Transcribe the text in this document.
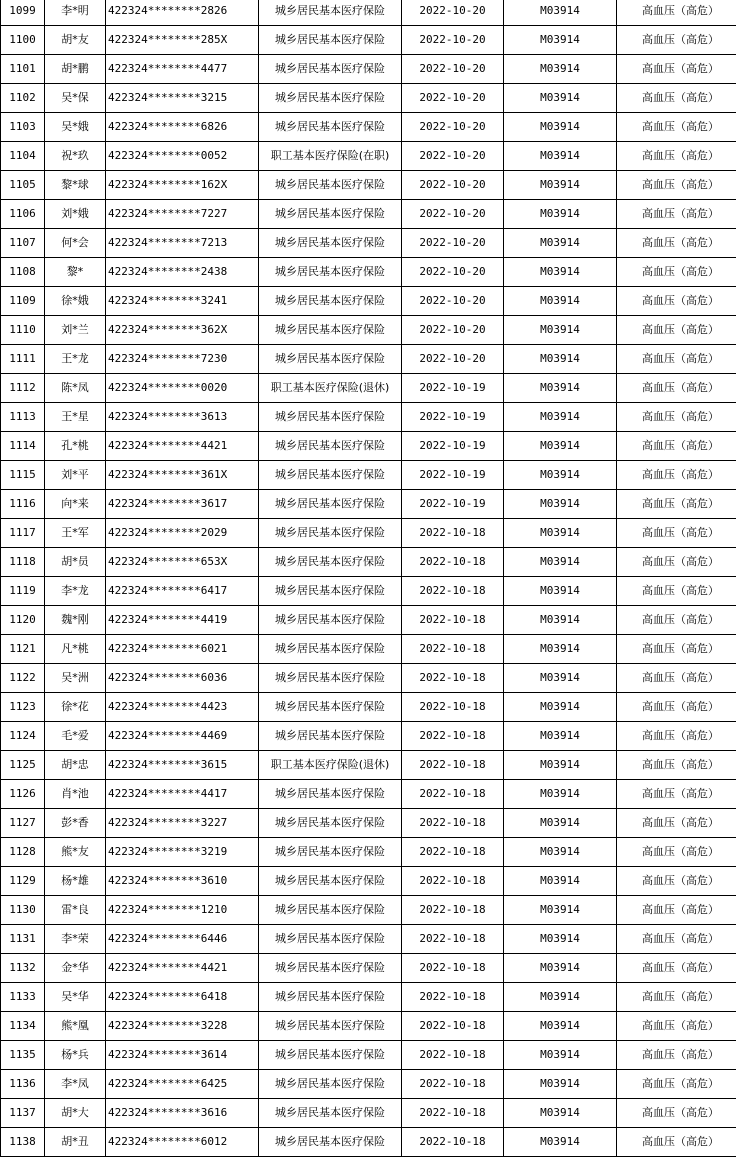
1099	李*明	422324********2826	城乡居民基本医疗保险	2022-10-20	M03914	高血压（高危）
1100	胡*友	422324********285X	城乡居民基本医疗保险	2022-10-20	M03914	高血压（高危）
1101	胡*鹏	422324********4477	城乡居民基本医疗保险	2022-10-20	M03914	高血压（高危）
1102	吴*保	422324********3215	城乡居民基本医疗保险	2022-10-20	M03914	高血压（高危）
1103	吴*娥	422324********6826	城乡居民基本医疗保险	2022-10-20	M03914	高血压（高危）
1104	祝*玖	422324********0052	职工基本医疗保险(在职)	2022-10-20	M03914	高血压（高危）
1105	黎*球	422324********162X	城乡居民基本医疗保险	2022-10-20	M03914	高血压（高危）
1106	刘*娥	422324********7227	城乡居民基本医疗保险	2022-10-20	M03914	高血压（高危）
1107	何*会	422324********7213	城乡居民基本医疗保险	2022-10-20	M03914	高血压（高危）
1108	黎*	422324********2438	城乡居民基本医疗保险	2022-10-20	M03914	高血压（高危）
1109	徐*娥	422324********3241	城乡居民基本医疗保险	2022-10-20	M03914	高血压（高危）
1110	刘*兰	422324********362X	城乡居民基本医疗保险	2022-10-20	M03914	高血压（高危）
1111	王*龙	422324********7230	城乡居民基本医疗保险	2022-10-20	M03914	高血压（高危）
1112	陈*凤	422324********0020	职工基本医疗保险(退休)	2022-10-19	M03914	高血压（高危）
1113	王*星	422324********3613	城乡居民基本医疗保险	2022-10-19	M03914	高血压（高危）
1114	孔*桃	422324********4421	城乡居民基本医疗保险	2022-10-19	M03914	高血压（高危）
1115	刘*平	422324********361X	城乡居民基本医疗保险	2022-10-19	M03914	高血压（高危）
1116	向*来	422324********3617	城乡居民基本医疗保险	2022-10-19	M03914	高血压（高危）
1117	王*军	422324********2029	城乡居民基本医疗保险	2022-10-18	M03914	高血压（高危）
1118	胡*员	422324********653X	城乡居民基本医疗保险	2022-10-18	M03914	高血压（高危）
1119	李*龙	422324********6417	城乡居民基本医疗保险	2022-10-18	M03914	高血压（高危）
1120	魏*刚	422324********4419	城乡居民基本医疗保险	2022-10-18	M03914	高血压（高危）
1121	凡*桃	422324********6021	城乡居民基本医疗保险	2022-10-18	M03914	高血压（高危）
1122	吴*洲	422324********6036	城乡居民基本医疗保险	2022-10-18	M03914	高血压（高危）
1123	徐*花	422324********4423	城乡居民基本医疗保险	2022-10-18	M03914	高血压（高危）
1124	毛*爱	422324********4469	城乡居民基本医疗保险	2022-10-18	M03914	高血压（高危）
1125	胡*忠	422324********3615	职工基本医疗保险(退休)	2022-10-18	M03914	高血压（高危）
1126	肖*池	422324********4417	城乡居民基本医疗保险	2022-10-18	M03914	高血压（高危）
1127	彭*香	422324********3227	城乡居民基本医疗保险	2022-10-18	M03914	高血压（高危）
1128	熊*友	422324********3219	城乡居民基本医疗保险	2022-10-18	M03914	高血压（高危）
1129	杨*雄	422324********3610	城乡居民基本医疗保险	2022-10-18	M03914	高血压（高危）
1130	雷*良	422324********1210	城乡居民基本医疗保险	2022-10-18	M03914	高血压（高危）
1131	李*荣	422324********6446	城乡居民基本医疗保险	2022-10-18	M03914	高血压（高危）
1132	金*华	422324********4421	城乡居民基本医疗保险	2022-10-18	M03914	高血压（高危）
1133	吴*华	422324********6418	城乡居民基本医疗保险	2022-10-18	M03914	高血压（高危）
1134	熊*凰	422324********3228	城乡居民基本医疗保险	2022-10-18	M03914	高血压（高危）
1135	杨*兵	422324********3614	城乡居民基本医疗保险	2022-10-18	M03914	高血压（高危）
1136	李*凤	422324********6425	城乡居民基本医疗保险	2022-10-18	M03914	高血压（高危）
1137	胡*大	422324********3616	城乡居民基本医疗保险	2022-10-18	M03914	高血压（高危）
1138	胡*丑	422324********6012	城乡居民基本医疗保险	2022-10-18	M03914	高血压（高危）
